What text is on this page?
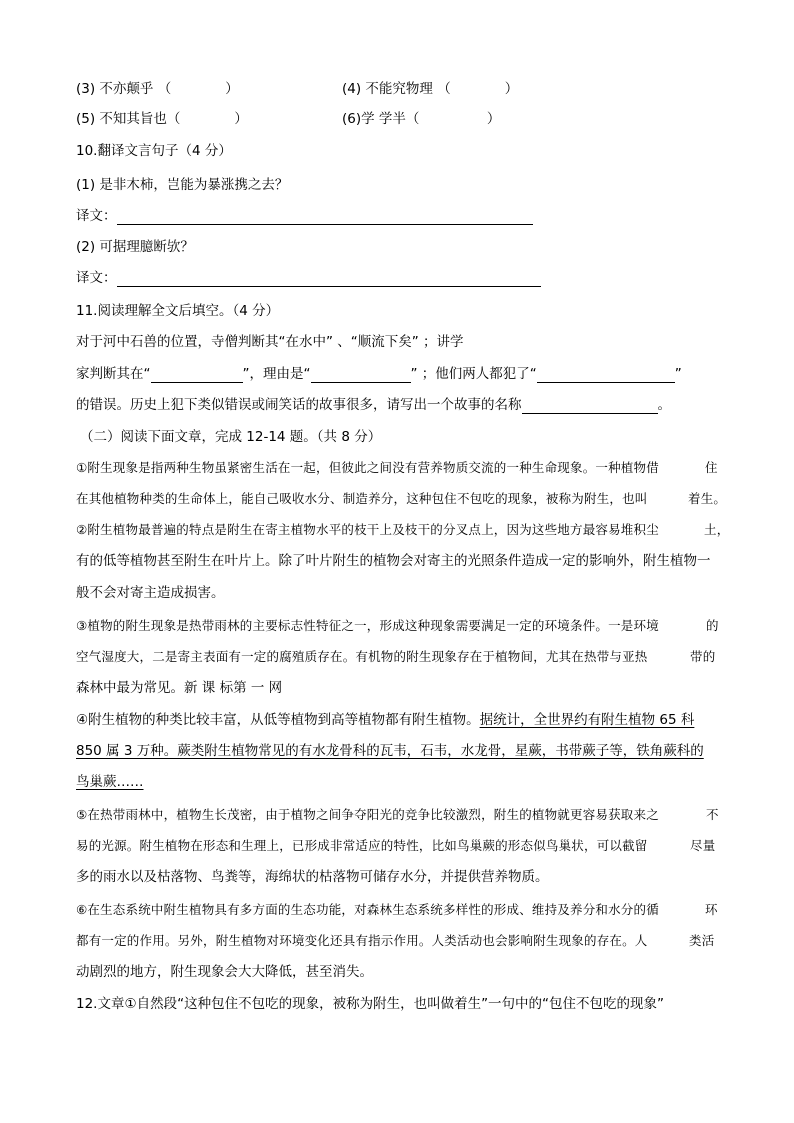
(3) 不亦颠乎 （　　　　）	(4) 不能究物理 （　　　　）
(5) 不知其旨也（　　　　）	(6)学 学半（　　　　　）
10.翻译文言句子（4 分）
(1) 是非木柿，岂能为暴涨携之去？
译文：
(2) 可据理臆断欤？
译文：
11.阅读理解全文后填空。（4 分）
对于河中石兽的位置，寺僧判断其“在水中” 、“顺流下矣” ；讲学
家判断其在“	”，理由是“	” ；他们两人都犯了“	”
的错误。历史上犯下类似错误或闹笑话的故事很多，请写出一个故事的名称	。
（二）阅读下面文章，完成 12-14 题。（共 8 分）
①附生现象是指两种生物虽紧密生活在一起，但彼此之间没有营养物质交流的一种生命现象。一种植物借	住
在其他植物种类的生命体上，能自己吸收水分、制造养分，这种包住不包吃的现象，被称为附生，也叫	着生。
②附生植物最普遍的特点是附生在寄主植物水平的枝干上及枝干的分叉点上，因为这些地方最容易堆积尘	土，
有的低等植物甚至附生在叶片上。除了叶片附生的植物会对寄主的光照条件造成一定的影响外，附生植物一
般不会对寄主造成损害。
③植物的附生现象是热带雨林的主要标志性特征之一，形成这种现象需要满足一定的环境条件。一是环境	的
空气湿度大，二是寄主表面有一定的腐殖质存在。有机物的附生现象存在于植物间，尤其在热带与亚热	带的
森林中最为常见。新 课 标第 一 网
④附生植物的种类比较丰富，从低等植物到高等植物都有附生植物。据统计，全世界约有附生植物 65 科
850 属 3 万种。蕨类附生植物常见的有水龙骨科的瓦韦，石韦，水龙骨，星蕨，书带蕨子等，铁角蕨科的
鸟巢蕨……
⑤在热带雨林中，植物生长茂密，由于植物之间争夺阳光的竞争比较激烈，附生的植物就更容易获取来之	不
易的光源。附生植物在形态和生理上，已形成非常适应的特性，比如鸟巢蕨的形态似鸟巢状，可以截留	尽量
多的雨水以及枯落物、鸟粪等，海绵状的枯落物可储存水分，并提供营养物质。
⑥在生态系统中附生植物具有多方面的生态功能，对森林生态系统多样性的形成、维持及养分和水分的循	环
都有一定的作用。另外，附生植物对环境变化还具有指示作用。人类活动也会影响附生现象的存在。人	类活
动剧烈的地方，附生现象会大大降低，甚至消失。
12.文章①自然段“这种包住不包吃的现象，被称为附生，也叫做着生”一句中的“包住不包吃的现象”
